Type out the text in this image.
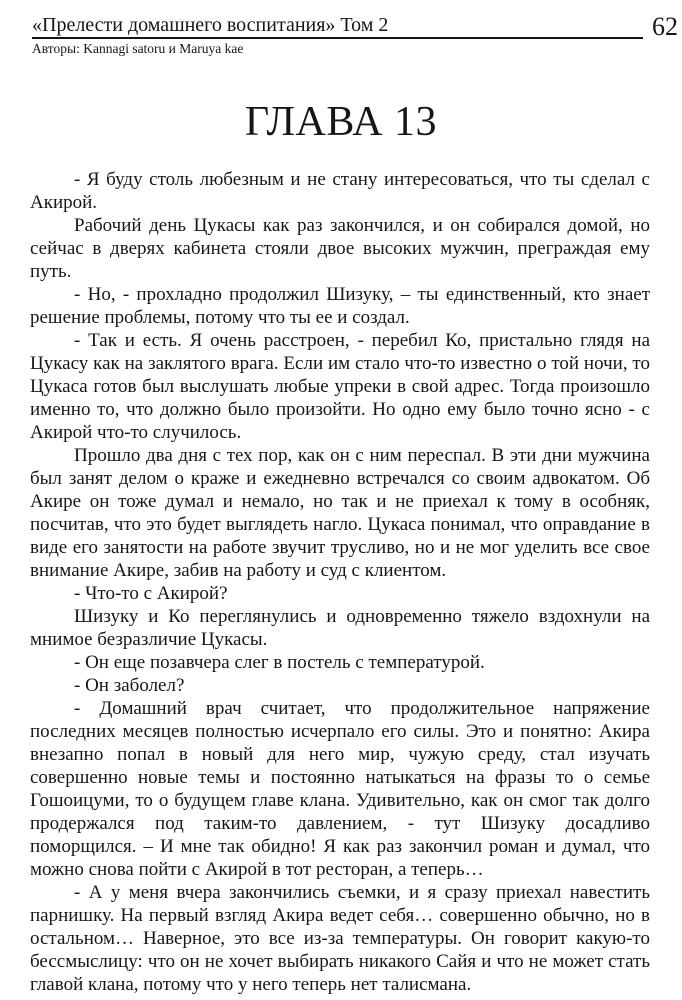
«Прелести домашнего воспитания» Том 2	62
Авторы: Kannagi satoru и Maruya kae
ГЛАВА 13

- Я буду столь любезным и не стану интересоваться, что ты сделал с Акирой.

Рабочий день Цукасы как раз закончился, и он собирался домой, но сейчас в дверях кабинета стояли двое высоких мужчин, преграждая ему путь.

- Но, - прохладно продолжил Шизуку, – ты единственный, кто знает решение проблемы, потому что ты ее и создал.

- Так и есть. Я очень расстроен, - перебил Ко, пристально глядя на Цукасу как на заклятого врага. Если им стало что-то известно о той ночи, то Цукаса готов был выслушать любые упреки в свой адрес. Тогда произошло именно то, что должно было произойти. Но одно ему было точно ясно - с Акирой что-то случилось.

Прошло два дня с тех пор, как он с ним переспал. В эти дни мужчина был занят делом о краже и ежедневно встречался со своим адвокатом. Об Акире он тоже думал и немало, но так и не приехал к тому в особняк, посчитав, что это будет выглядеть нагло. Цукаса понимал, что оправдание в виде его занятости на работе звучит трусливо, но и не мог уделить все свое внимание Акире, забив на работу и суд с клиентом.

- Что-то с Акирой?

Шизуку и Ко переглянулись и одновременно тяжело вздохнули на мнимое безразличие Цукасы.

- Он еще позавчера слег в постель с температурой.

- Он заболел?

- Домашний врач считает, что продолжительное напряжение последних месяцев полностью исчерпало его силы. Это и понятно: Акира внезапно попал в новый для него мир, чужую среду, стал изучать совершенно новые темы и постоянно натыкаться на фразы то о семье Гошоицуми, то о будущем главе клана. Удивительно, как он смог так долго продержался под таким-то давлением, - тут Шизуку досадливо поморщился. – И мне так обидно! Я как раз закончил роман и думал, что можно снова пойти с Акирой в тот ресторан, а теперь…

- А у меня вчера закончились съемки, и я сразу приехал навестить парнишку. На первый взгляд Акира ведет себя… совершенно обычно, но в остальном… Наверное, это все из-за температуры. Он говорит какую-то бессмыслицу: что он не хочет выбирать никакого Сайя и что не может стать главой клана, потому что у него теперь нет талисмана.
